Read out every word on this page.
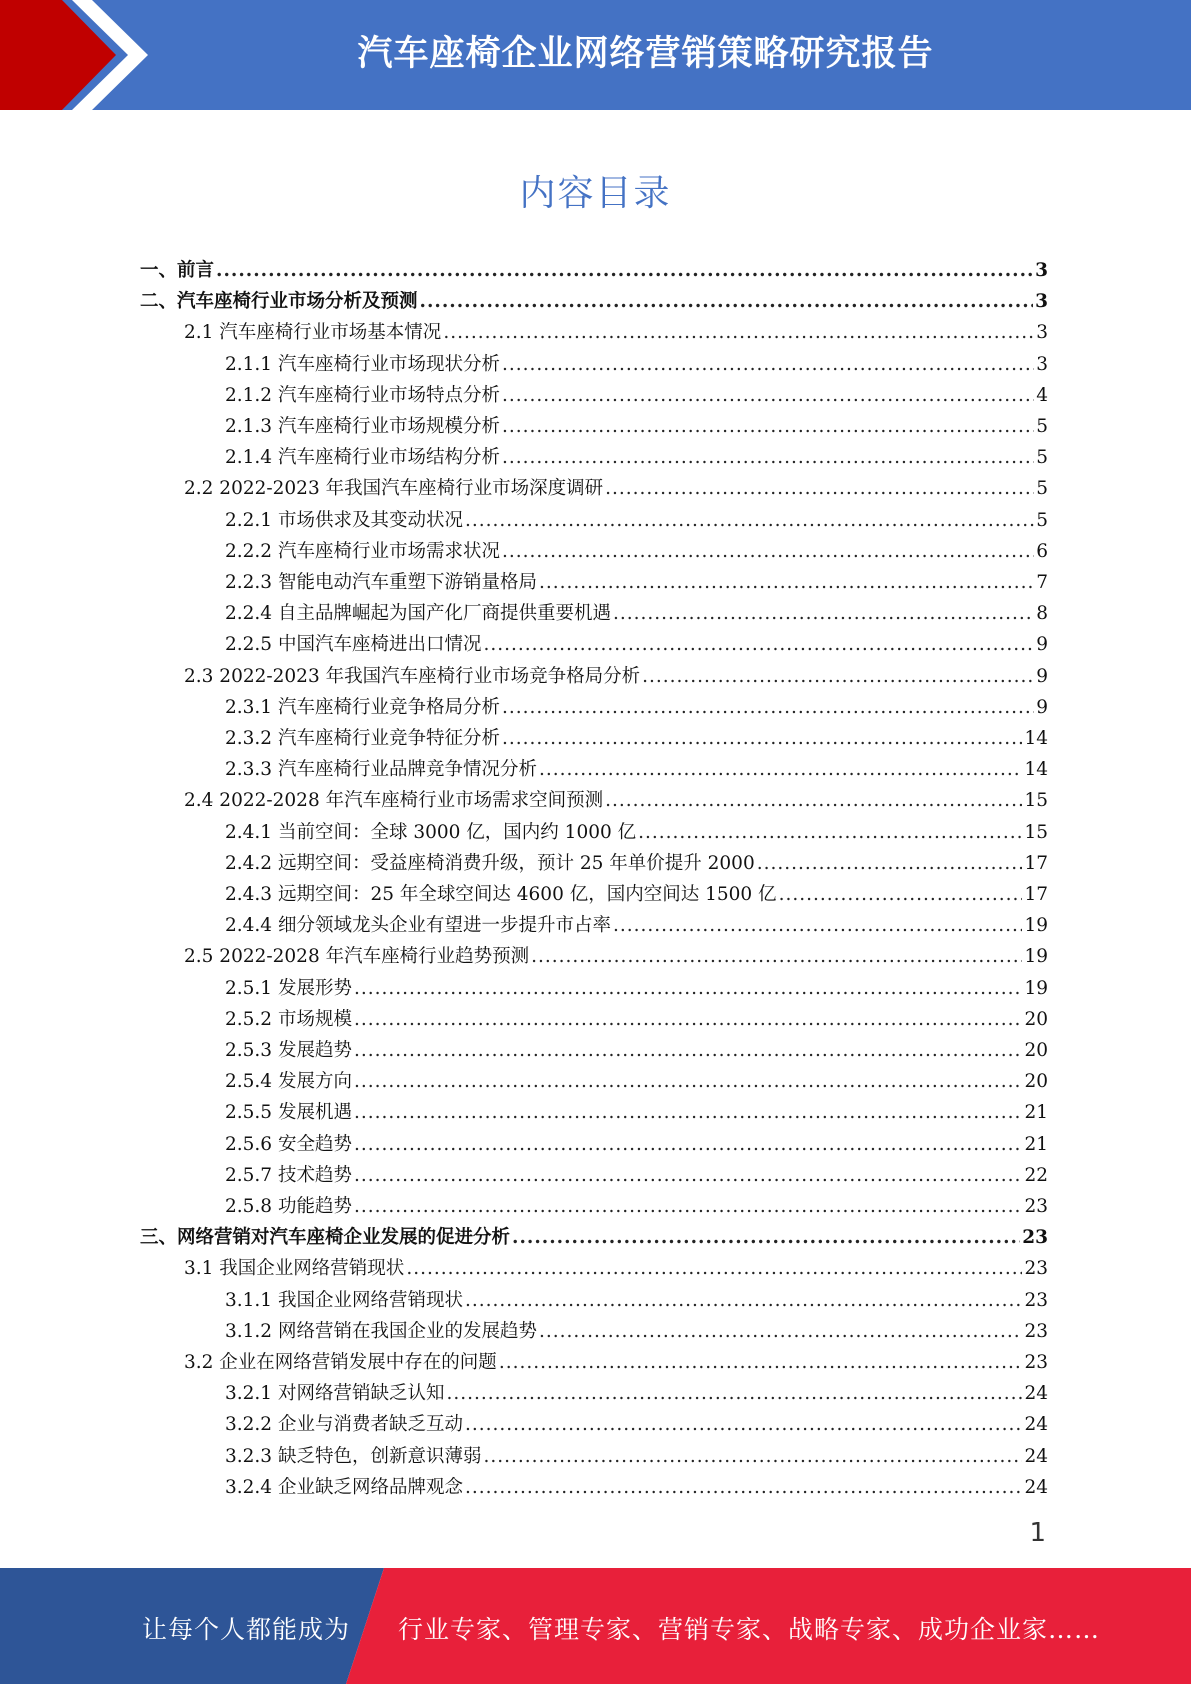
汽车座椅企业网络营销策略研究报告
内容目录
一、前言 .....	3
二、汽车座椅行业市场分析及预测 .....	3
2.1 汽车座椅行业市场基本情况 .....	3
2.1.1 汽车座椅行业市场现状分析 .....	3
2.1.2 汽车座椅行业市场特点分析 .....	4
2.1.3 汽车座椅行业市场规模分析 .....	5
2.1.4 汽车座椅行业市场结构分析 .....	5
2.2 2022-2023 年我国汽车座椅行业市场深度调研 .....	5
2.2.1 市场供求及其变动状况 .....	5
2.2.2 汽车座椅行业市场需求状况 .....	6
2.2.3 智能电动汽车重塑下游销量格局 .....	7
2.2.4 自主品牌崛起为国产化厂商提供重要机遇 .....	8
2.2.5 中国汽车座椅进出口情况 .....	9
2.3 2022-2023 年我国汽车座椅行业市场竞争格局分析 .....	9
2.3.1 汽车座椅行业竞争格局分析 .....	9
2.3.2 汽车座椅行业竞争特征分析 .....	14
2.3.3 汽车座椅行业品牌竞争情况分析 .....	14
2.4 2022-2028 年汽车座椅行业市场需求空间预测 .....	15
2.4.1 当前空间：全球 3000 亿，国内约 1000 亿 .....	15
2.4.2 远期空间：受益座椅消费升级，预计 25 年单价提升 2000 .....	17
2.4.3 远期空间：25 年全球空间达 4600 亿，国内空间达 1500 亿 .....	17
2.4.4 细分领域龙头企业有望进一步提升市占率 .....	19
2.5 2022-2028 年汽车座椅行业趋势预测 .....	19
2.5.1 发展形势 .....	19
2.5.2 市场规模 .....	20
2.5.3 发展趋势 .....	20
2.5.4 发展方向 .....	20
2.5.5 发展机遇 .....	21
2.5.6 安全趋势 .....	21
2.5.7 技术趋势 .....	22
2.5.8 功能趋势 .....	23
三、网络营销对汽车座椅企业发展的促进分析 .....	23
3.1 我国企业网络营销现状 .....	23
3.1.1 我国企业网络营销现状 .....	23
3.1.2 网络营销在我国企业的发展趋势 .....	23
3.2 企业在网络营销发展中存在的问题 .....	23
3.2.1 对网络营销缺乏认知 .....	24
3.2.2 企业与消费者缺乏互动 .....	24
3.2.3 缺乏特色，创新意识薄弱 .....	24
3.2.4 企业缺乏网络品牌观念 .....	24
1
让每个人都能成为 行业专家、管理专家、营销专家、战略专家、成功企业家……
